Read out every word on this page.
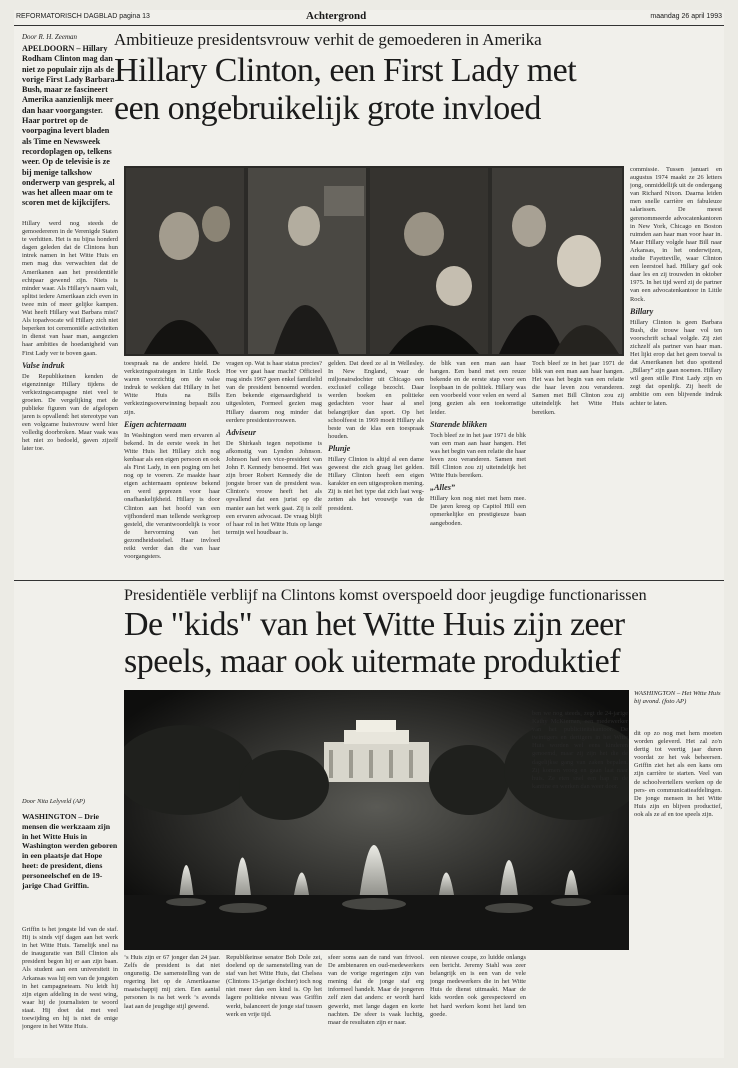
REFORMATORISCH DAGBLAD pagina 13	Achtergrond	maandag 26 april 1993
Door R. H. Zeeman Ambitieuze presidentsvrouw verhit de gemoederen in Amerika
Hillary Clinton, een First Lady met
een ongebruikelijk grote invloed
APELDOORN – Hillary Rodham Clinton mag dan niet zo populair zijn als de vorige First Lady Barbara Bush, maar ze fascineert Amerika aanzienlijk meer dan haar voorgangster. Haar portret op de voorpagina levert bladen als Time en Newsweek recordoplagen op, telkens weer. Op de televisie is ze bij menige talkshow onderwerp van gesprek, al was het alleen maar om te scoren met de kijkcijfers.

Hillary werd nog steeds de gemoedereren in de Verenigde Staten te verhitten. Het is nu bijna honderd dagen geleden dat de Clintons hun intrek namen in het Witte Huis en men mag dus verwachten dat de Amerikanen aan het presidentiële echtpaar gewend zijn. Niets is minder waar. Als Hillary's naam valt, splitst iedere Amerikaan zich even in twee min of meer gelijke kampen. Wat heeft Hillary wat Barbara mist? Als topadvocate wil Hillary zich niet beperken tot ceremoniële activiteiten in dienst van haar man, aangezien haar ambities de hoedanigheid van First Lady ver te boven gaan.

Valse indruk

De Republikeinen kenden de eigenzinnige Hillary tijdens de verkiezingscampagne niet veel te groeien. De vergelijking met de publieke figuren van de afgelopen jaren is opvallend: het stereotype van een volgzame huisvrouw werd hier volledig doorbroken. Maar vaak was het niet zo bedoeld, gaven zijzelf later toe.

toespraak na de andere hield. De verkiezingsstrategen in Little Rock waren voorzichtig om de valse indruk te wekken dat Hillary in het Witte Huis na Bills verkiezingsoverwinning bepaalt zou zijn.

Eigen achternaam

In Washington werd men ervaren al bekend. In de eerste week in het Witte Huis liet Hillary zich nog kenbaar als een eigen persoon en ook als First Lady, in een poging om het nog op te voeren. Ze maakte haar eigen achternaam opnieuw bekend en werd geprezen voor haar onafhankelijkheid. Hillary is door Clinton aan het hoofd van een vijfhonderd man tellende werkgroep gesteld, die verantwoordelijk is voor de hervorming van het gezondheidsstelsel. Haar invloed reikt verder dan die van haar voorgangsters.

vragen op. Wat is haar status precies? Hoe ver gaat haar macht? Officieel mag sinds 1967 geen enkel familielid van de president benoemd worden. Een bekende eigenaardigheid is uitgesloten, Formeel gezien mag Hillary daarom nog minder dat eerdere presidentsvrouwen.

Adviseur

De Shirkash tegen nepotisme is afkomstig van Lyndon Johnson. Johnson had een vice-president van John F. Kennedy benoemd. Het was zijn broer Robert Kennedy die de jongste broer van de president was. Clinton's vrouw heeft het als opvallend dat een jurist op die manier aan het werk gaat. Zij is zelf een ervaren advocaat. De vraag blijft of haar rol in het Witte Huis op lange termijn wel houdbaar is.

gelden. Dat deed ze al in Wellesley. In New England, waar de miljonairsdochter uit Chicago een exclusief college bezocht. Daar werden boeken en politieke gedachten voor haar al snel belangrijker dan sport. Op het schoolfeest in 1969 moeit Hillary als beste van de klas een toespraak houden.

Plunje

Hillary Clinton is altijd al een dame geweest die zich graag liet gelden. Hillary Clinton heeft een eigen karakter en een uitgesproken mening. Zij is niet het type dat zich laat wegzetten als het vrouwtje van de president.

de blik van een man aan haar hangen. Een band met een reuze bekende en de eerste stap voor een loopbaan in de politiek. Hillary was een voorbeeld voor velen en werd al jong gezien als een toekomstige leider.

Starende blikken

Toch bleef ze in het jaar 1971 de blik van een man aan haar hangen. Het was het begin van een relatie die haar leven zou veranderen. Samen met Bill Clinton zou zij uiteindelijk het Witte Huis bereiken.

„Alles”

Hillary kon nog niet met hem mee. De jaren kreeg op Capitol Hill een opmerkelijke en prestigieuze baan aangeboden.

commissie. Tussen januari en augustus 1974 maakt ze 26 letters jong, onmiddellijk uit de ondergang van Richard Nixon. Daarna leiden men snelle carrière en fabuleuze salarissen. De meest gerenommeerde advocatenkantoren in New York, Chicago en Boston ruimden aan haar man voor haar in. Maar Hillary volgde haar Bill naar Arkansas, in het onderwijzen, studie Fayetteville, waar Clinton een leerstoel had. Hillary gaf ook daar les en zij trouwden in oktober 1975. In het tijd werd zij de partner van een advocatenkantoor in Little Rock.

Billary

Hillary Clinton is geen Barbara Bush, die trouw haar vol ten voorschrift schaal volgde. Zij ziet zichzelf als partner van haar man. Het lijkt erop dat het geen toeval is dat Amerikanen het duo spottend „Billary” zijn gaan noemen. Hillary wil geen stille First Lady zijn en zegt dat openlijk. Zij heeft de ambitie om een blijvende indruk achter te laten.

Toch bleef ze in het jaar 1971 de blik van een man aan haar hangen. Het was het begin van een relatie die haar leven zou veranderen. Samen met Bill Clinton zou zij uiteindelijk het Witte Huis bereiken.

Presidentiële verblijf na Clintons komst overspoeld door jeugdige functionarissen
De "kids" van het Witte Huis zijn zeer
speels, maar ook uitermate produktief
WASHINGTON – Het Witte Huis bij avond. (foto AP)
Door Nita Lelyveld (AP)
WASHINGTON – Drie mensen die werkzaam zijn in het Witte Huis in Washington werden geboren in een plaatsje dat Hope heet: de president, diens personeelschef en de 19-jarige Chad Griffin.

Griffin is het jongste lid van de staf. Hij is sinds vijf dagen aan het werk in het Witte Huis. Tamelijk snel na de inauguratie van Bill Clinton als president begon hij er aan zijn baan. Als student aan een universiteit in Arkansas was hij een van de jongsten in het campagneteam. Nu leidt hij zijn eigen afdeling in de west wing, waar hij de journalisten te woord staat. Hij doet dat met veel toewijding en hij is niet de enige jongere in het Witte Huis.

‘s Huis zijn er 67 jonger dan 24 jaar. Zelfs de president is dat niet ongunstig. De samenstelling van de regering liet op de Amerikaanse maatschappij mij zien. Een aantal personen is na het werk ‘s avonds laat aan de jeugdige stijl gewend.

Republikeinse senator Bob Dole zei, doelend op de samenstelling van de staf van het Witte Huis, dat Chelsea (Clintons 13-jarige dochter) toch nog niet meer dan een kind is. Op het lagere politieke niveau was Griffin werkt, balanceert de jonge staf tussen werk en vrije tijd.

sfeer soms aan de rand van frivool. De ambtenaren en oud-medewerkers van de vorige regeringen zijn van mening dat de jonge staf erg informeel handelt. Maar de jongeren zelf zien dat anders: er wordt hard gewerkt, met lange dagen en korte nachten. De sfeer is vaak luchtig, maar de resultaten zijn er naar.

een nieuwe coupe, zo luidde onlangs een bericht. Jeremy Stahl was zeer belangrijk en is een van de vele jonge medewerkers die in het Witte Huis de dienst uitmaakt. Maar de kids worden ook gerespecteerd en het hard werken komt het land ten goede.

ben we nog steeds, zegt de 24-jarige Kathy McKiernan, een medewerker van het publiciteitskantoor. De twintigers en dertigers in het Witte Huis worden wel eens kinderen genoemd, maar zij zijn het die de dagelijkse gang van zaken bepalen. Zij komen vroeg en gaan laat naar huis. Ze eten snel een hap in de kantine en werken dan weer door.

dit op zo nog met hem moeten worden geleverd. Het zal zo'n dertig tot veertig jaar duren voordat ze het vak beheersen. Griffin ziet het als een kans om zijn carrière te starten. Veel van de schoolvertellers werken op de pers- en communicatieafdelingen. De jonge mensen in het Witte Huis zijn en blijven productief, ook als ze af en toe speels zijn.
